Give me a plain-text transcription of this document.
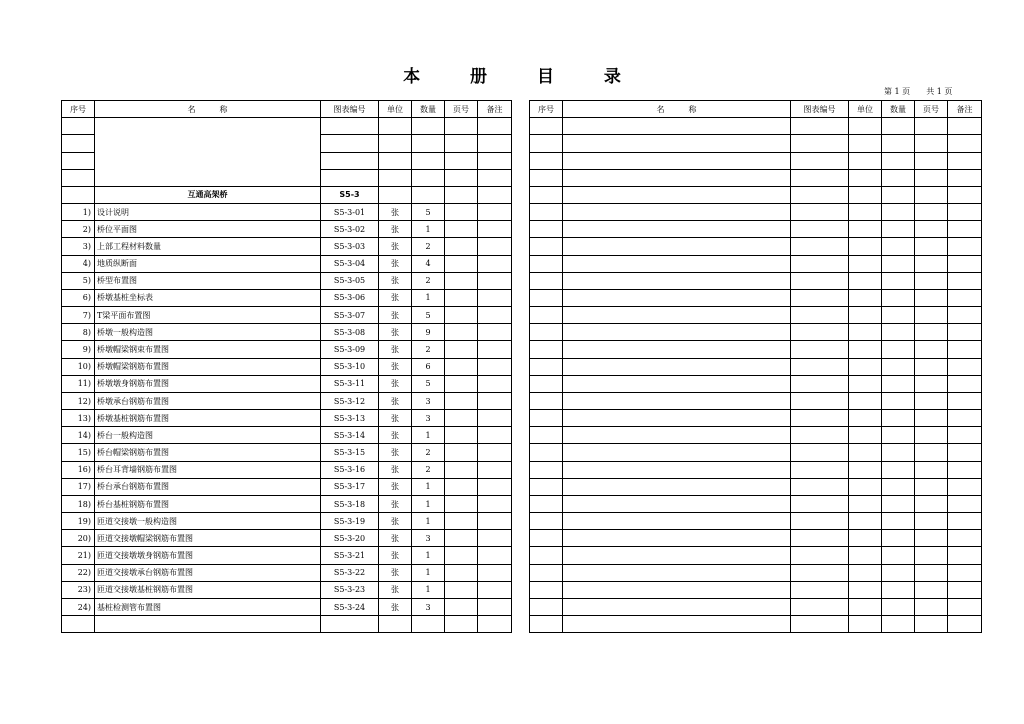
本 册 目 录
第 1 页 共 1 页
序号	名　　　称	图表编号	单位	数量	页号	备注

	互通高架桥	S5-3				
1)	设计说明	S5-3-01	张	5		
2)	桥位平面图	S5-3-02	张	1		
3)	上部工程材料数量	S5-3-03	张	2		
4)	地质纵断面	S5-3-04	张	4		
5)	桥型布置图	S5-3-05	张	2		
6)	桥墩基桩坐标表	S5-3-06	张	1		
7)	T梁平面布置图	S5-3-07	张	5		
8)	桥墩一般构造图	S5-3-08	张	9		
9)	桥墩帽梁钢束布置图	S5-3-09	张	2		
10)	桥墩帽梁钢筋布置图	S5-3-10	张	6		
11)	桥墩墩身钢筋布置图	S5-3-11	张	5		
12)	桥墩承台钢筋布置图	S5-3-12	张	3		
13)	桥墩基桩钢筋布置图	S5-3-13	张	3		
14)	桥台一般构造图	S5-3-14	张	1		
15)	桥台帽梁钢筋布置图	S5-3-15	张	2		
16)	桥台耳背墙钢筋布置图	S5-3-16	张	2		
17)	桥台承台钢筋布置图	S5-3-17	张	1		
18)	桥台基桩钢筋布置图	S5-3-18	张	1		
19)	匝道交接墩一般构造图	S5-3-19	张	1		
20)	匝道交接墩帽梁钢筋布置图	S5-3-20	张	3		
21)	匝道交接墩墩身钢筋布置图	S5-3-21	张	1		
22)	匝道交接墩承台钢筋布置图	S5-3-22	张	1		
23)	匝道交接墩基桩钢筋布置图	S5-3-23	张	1		
24)	基桩检测管布置图	S5-3-24	张	3		

序号	名　　　称	图表编号	单位	数量	页号	备注
